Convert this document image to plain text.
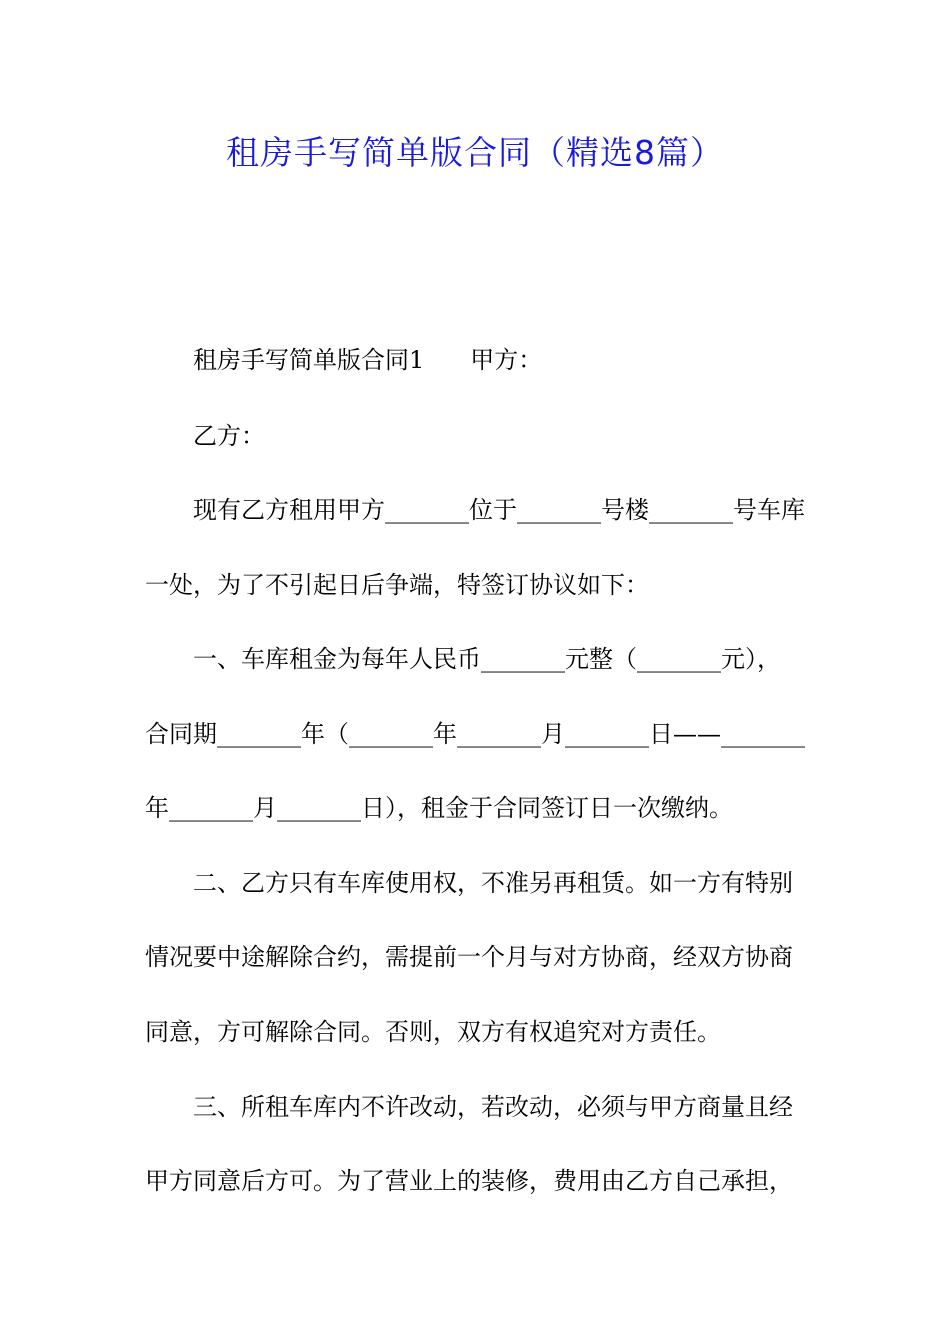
租房手写简单版合同（精选8篇）
租房手写简单版合同1 甲方：
乙方：
现有乙方租用甲方_______位于_______号楼_______号车库
一处，为了不引起日后争端，特签订协议如下：
一、车库租金为每年人民币_______元整（_______元），
合同期_______年（_______年_______月_______日——_______
年_______月_______日），租金于合同签订日一次缴纳。
二、乙方只有车库使用权，不准另再租赁。如一方有特别
情况要中途解除合约，需提前一个月与对方协商，经双方协商
同意，方可解除合同。否则，双方有权追究对方责任。
三、所租车库内不许改动，若改动，必须与甲方商量且经
甲方同意后方可。为了营业上的装修，费用由乙方自己承担，
